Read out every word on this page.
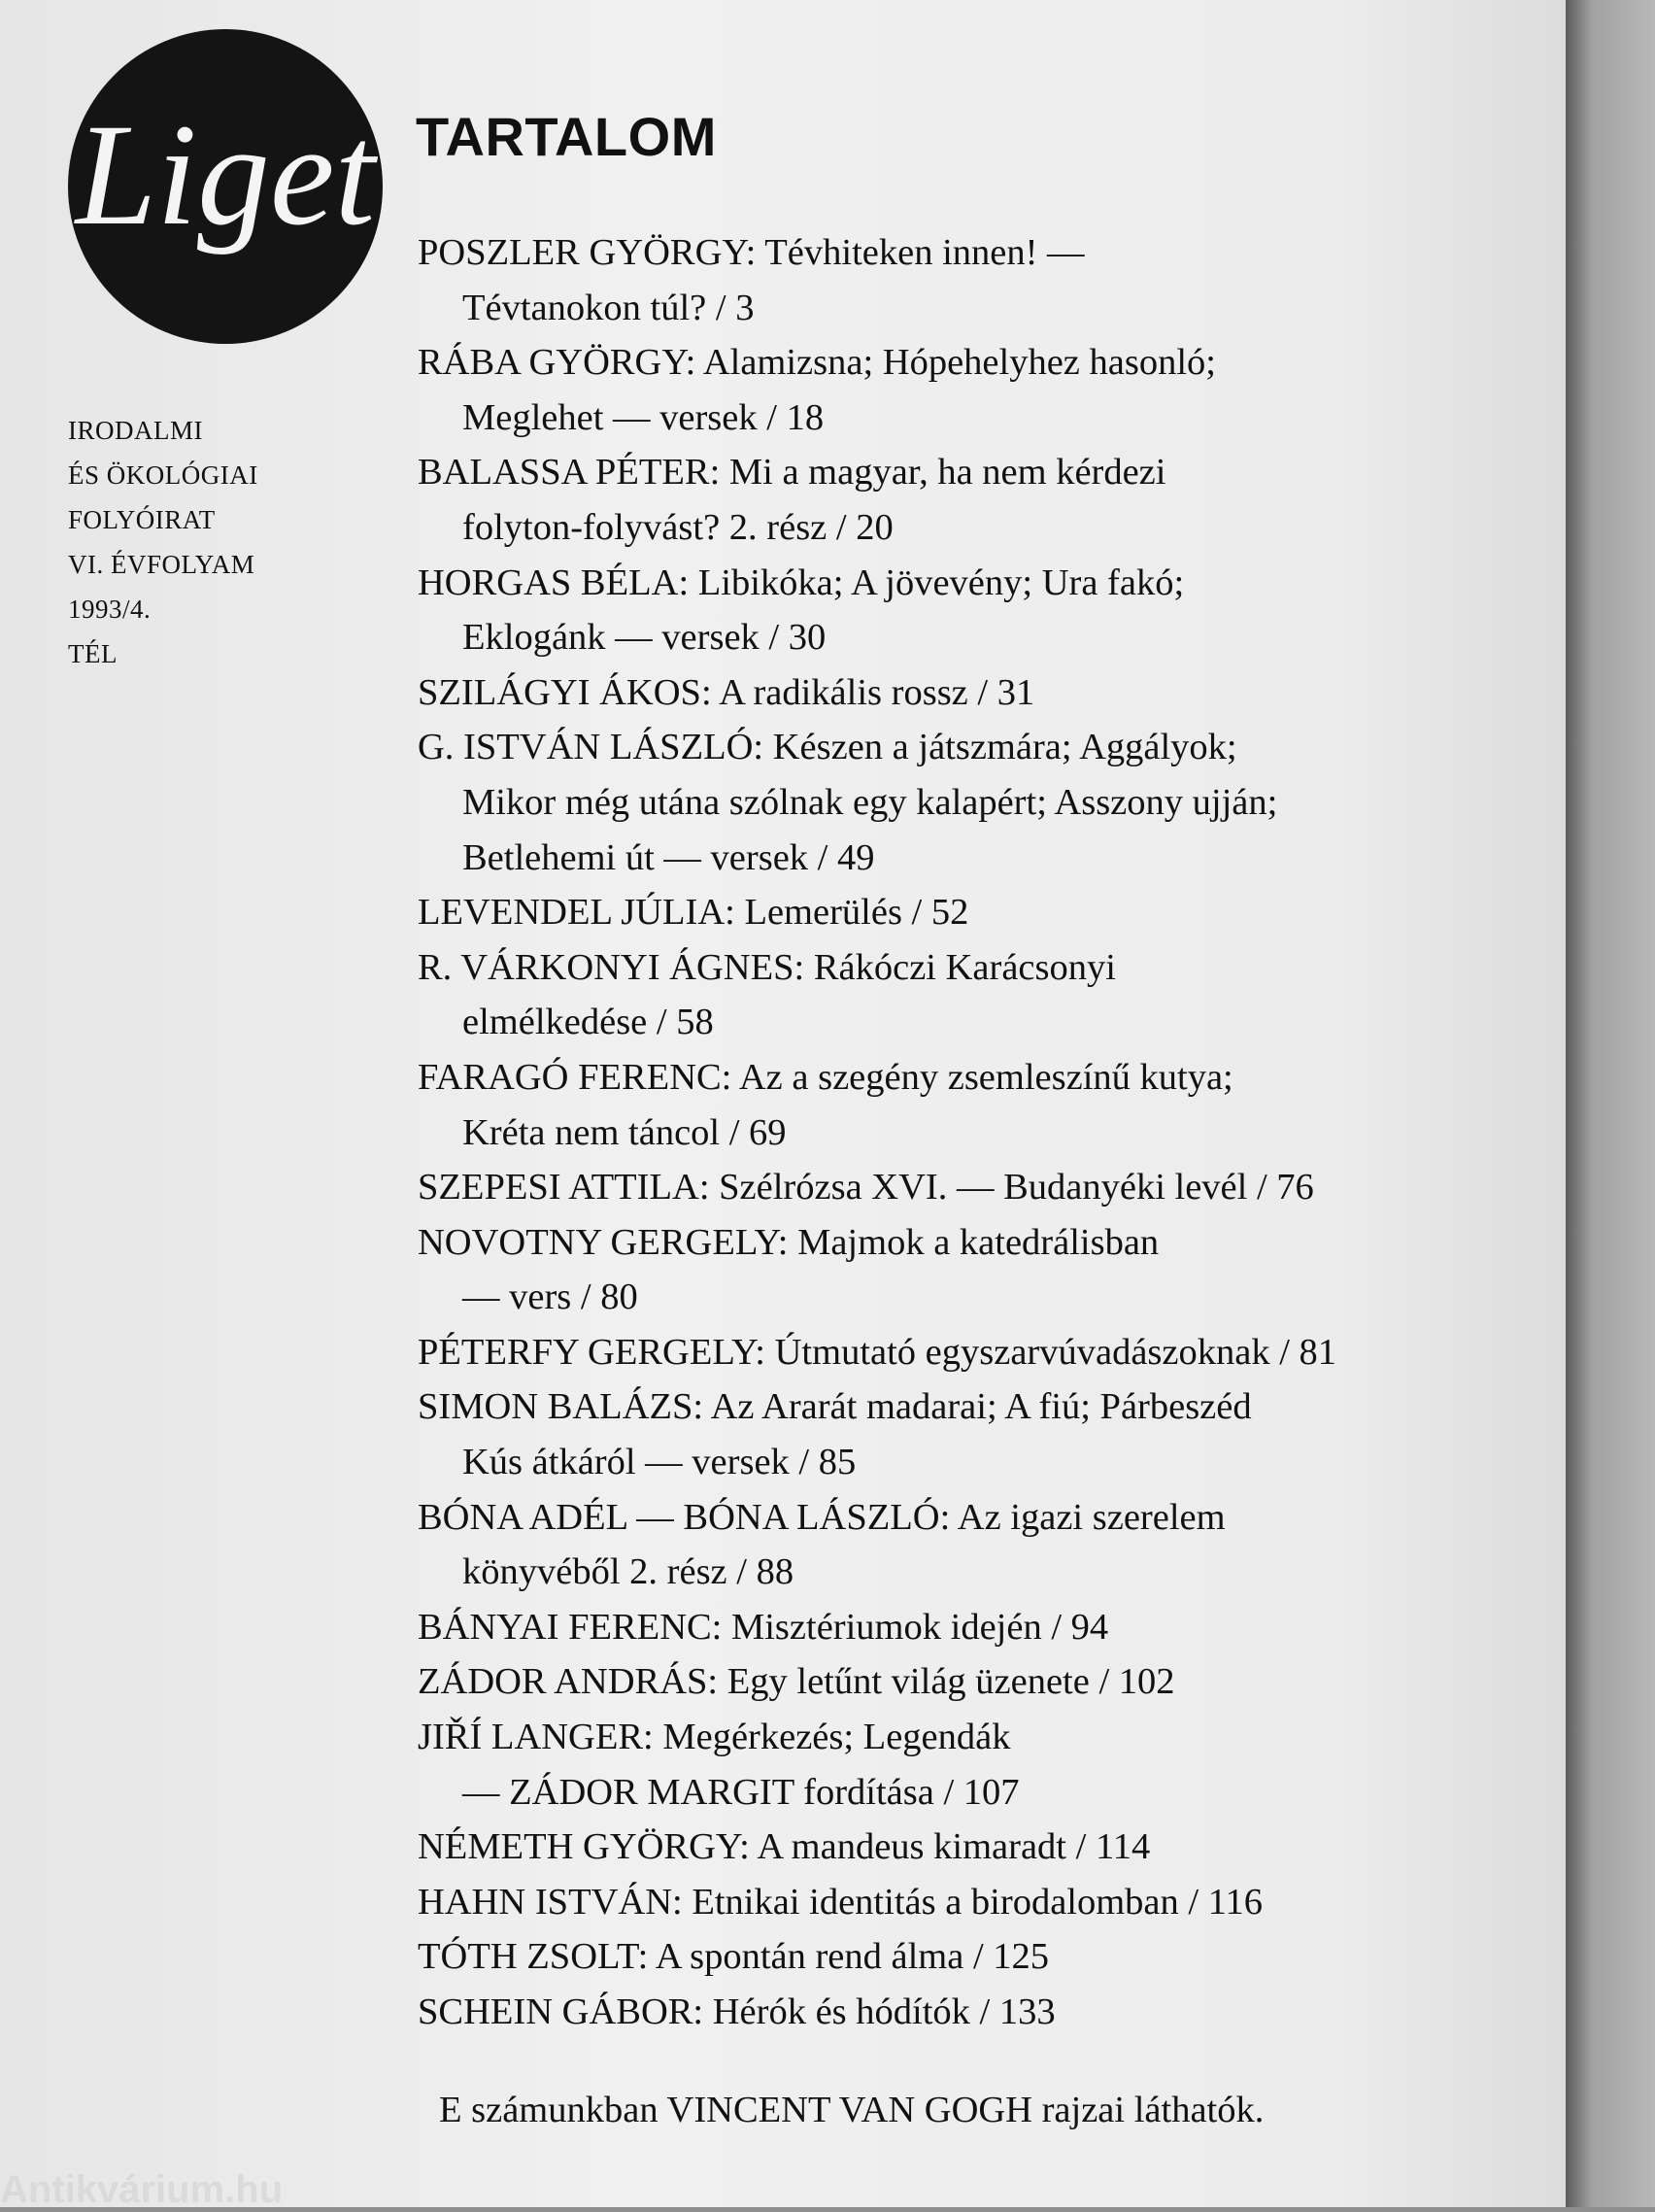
Liget
IRODALMI
ÉS ÖKOLÓGIAI
FOLYÓIRAT
VI. ÉVFOLYAM
1993/4.
TÉL
TARTALOM
POSZLER GYÖRGY: Tévhiteken innen! —
Tévtanokon túl? / 3
RÁBA GYÖRGY: Alamizsna; Hópehelyhez hasonló;
Meglehet — versek / 18
BALASSA PÉTER: Mi a magyar, ha nem kérdezi
folyton-folyvást? 2. rész / 20
HORGAS BÉLA: Libikóka; A jövevény; Ura fakó;
Eklogánk — versek / 30
SZILÁGYI ÁKOS: A radikális rossz / 31
G. ISTVÁN LÁSZLÓ: Készen a játszmára; Aggályok;
Mikor még utána szólnak egy kalapért; Asszony ujján;
Betlehemi út — versek / 49
LEVENDEL JÚLIA: Lemerülés / 52
R. VÁRKONYI ÁGNES: Rákóczi Karácsonyi
elmélkedése / 58
FARAGÓ FERENC: Az a szegény zsemleszínű kutya;
Kréta nem táncol / 69
SZEPESI ATTILA: Szélrózsa XVI. — Budanyéki levél / 76
NOVOTNY GERGELY: Majmok a katedrálisban
— vers / 80
PÉTERFY GERGELY: Útmutató egyszarvúvadászoknak / 81
SIMON BALÁZS: Az Ararát madarai; A fiú; Párbeszéd
Kús átkáról — versek / 85
BÓNA ADÉL — BÓNA LÁSZLÓ: Az igazi szerelem
könyvéből 2. rész / 88
BÁNYAI FERENC: Misztériumok idején / 94
ZÁDOR ANDRÁS: Egy letűnt világ üzenete / 102
JIŘÍ LANGER: Megérkezés; Legendák
— ZÁDOR MARGIT fordítása / 107
NÉMETH GYÖRGY: A mandeus kimaradt / 114
HAHN ISTVÁN: Etnikai identitás a birodalomban / 116
TÓTH ZSOLT: A spontán rend álma / 125
SCHEIN GÁBOR: Hérók és hódítók / 133
E számunkban VINCENT VAN GOGH rajzai láthatók.
Antikvárium.hu
